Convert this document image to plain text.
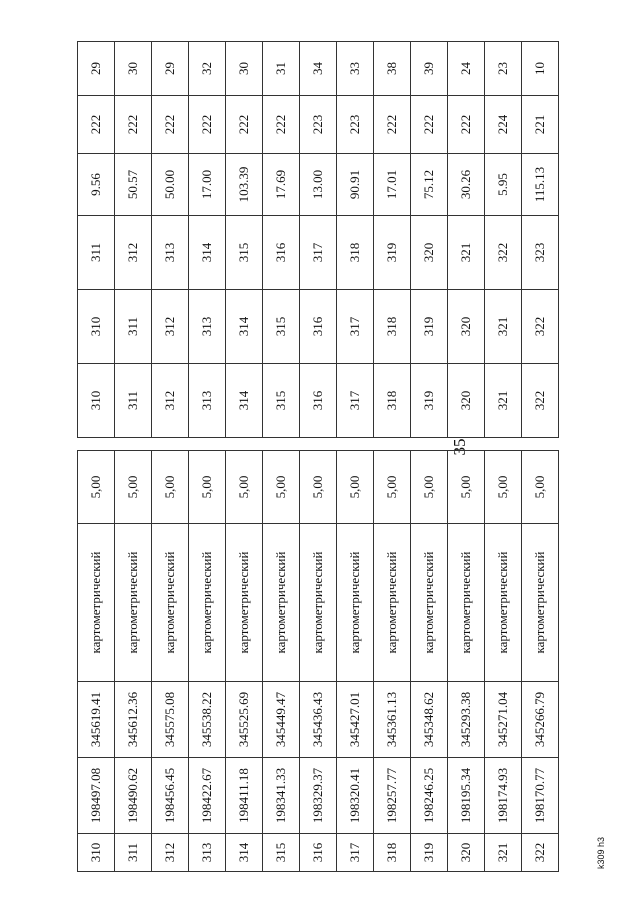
35
310	198497.08	345619.41	картометрический	5,00
311	198490.62	345612.36	картометрический	5,00
312	198456.45	345575.08	картометрический	5,00
313	198422.67	345538.22	картометрический	5,00
314	198411.18	345525.69	картометрический	5,00
315	198341.33	345449.47	картометрический	5,00
316	198329.37	345436.43	картометрический	5,00
317	198320.41	345427.01	картометрический	5,00
318	198257.77	345361.13	картометрический	5,00
319	198246.25	345348.62	картометрический	5,00
320	198195.34	345293.38	картометрический	5,00
321	198174.93	345271.04	картометрический	5,00
322	198170.77	345266.79	картометрический	5,00
310	310	311	9.56	222	29
311	311	312	50.57	222	30
312	312	313	50.00	222	29
313	313	314	17.00	222	32
314	314	315	103.39	222	30
315	315	316	17.69	222	31
316	316	317	13.00	223	34
317	317	318	90.91	223	33
318	318	319	17.01	222	38
319	319	320	75.12	222	39
320	320	321	30.26	222	24
321	321	322	5.95	224	23
322	322	323	115.13	221	10
k309 h3
